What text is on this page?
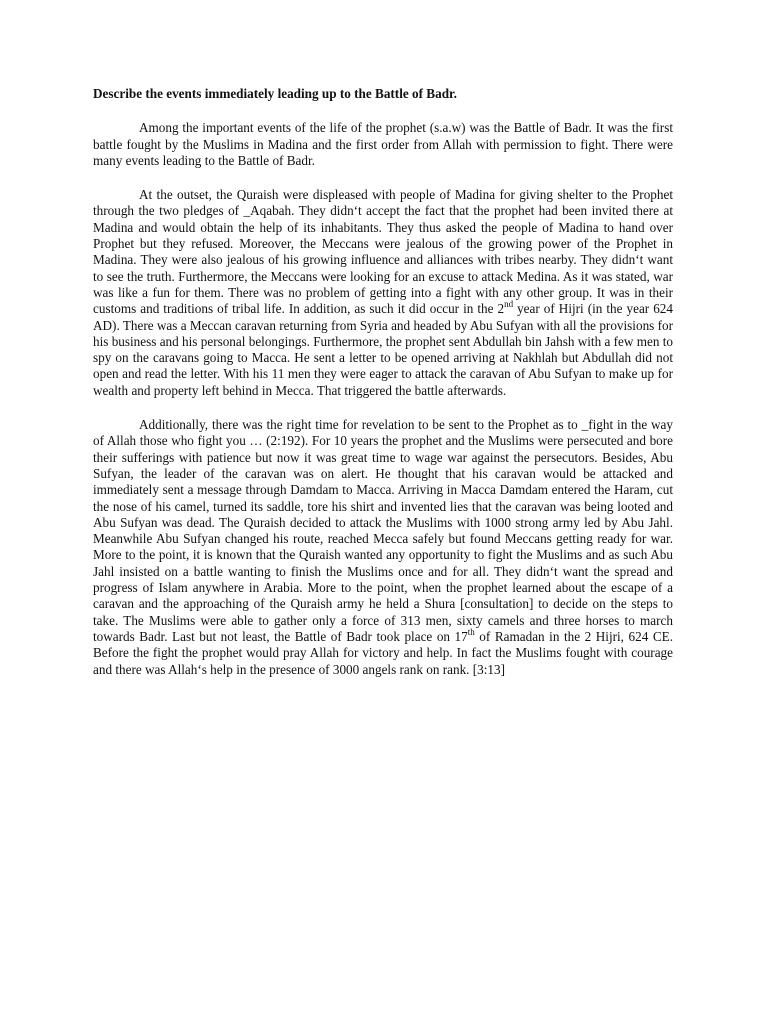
Describe the events immediately leading up to the Battle of Badr.

Among the important events of the life of the prophet (s.a.w) was the Battle of Badr. It was the first battle fought by the Muslims in Madina and the first order from Allah with permission to fight. There were many events leading to the Battle of Badr.

At the outset, the Quraish were displeased with people of Madina for giving shelter to the Prophet through the two pledges of _Aqabah. They didn‘t accept the fact that the prophet had been invited there at Madina and would obtain the help of its inhabitants. They thus asked the people of Madina to hand over Prophet but they refused. Moreover, the Meccans were jealous of the growing power of the Prophet in Madina. They were also jealous of his growing influence and alliances with tribes nearby. They didn‘t want to see the truth. Furthermore, the Meccans were looking for an excuse to attack Medina. As it was stated, war was like a fun for them. There was no problem of getting into a fight with any other group. It was in their customs and traditions of tribal life. In addition, as such it did occur in the 2nd year of Hijri (in the year 624 AD). There was a Meccan caravan returning from Syria and headed by Abu Sufyan with all the provisions for his business and his personal belongings. Furthermore, the prophet sent Abdullah bin Jahsh with a few men to spy on the caravans going to Macca. He sent a letter to be opened arriving at Nakhlah but Abdullah did not open and read the letter. With his 11 men they were eager to attack the caravan of Abu Sufyan to make up for wealth and property left behind in Mecca. That triggered the battle afterwards.

Additionally, there was the right time for revelation to be sent to the Prophet as to _fight in the way of Allah those who fight you … (2:192). For 10 years the prophet and the Muslims were persecuted and bore their sufferings with patience but now it was great time to wage war against the persecutors. Besides, Abu Sufyan, the leader of the caravan was on alert. He thought that his caravan would be attacked and immediately sent a message through Damdam to Macca. Arriving in Macca Damdam entered the Haram, cut the nose of his camel, turned its saddle, tore his shirt and invented lies that the caravan was being looted and Abu Sufyan was dead. The Quraish decided to attack the Muslims with 1000 strong army led by Abu Jahl. Meanwhile Abu Sufyan changed his route, reached Mecca safely but found Meccans getting ready for war. More to the point, it is known that the Quraish wanted any opportunity to fight the Muslims and as such Abu Jahl insisted on a battle wanting to finish the Muslims once and for all. They didn‘t want the spread and progress of Islam anywhere in Arabia. More to the point, when the prophet learned about the escape of a caravan and the approaching of the Quraish army he held a Shura [consultation] to decide on the steps to take. The Muslims were able to gather only a force of 313 men, sixty camels and three horses to march towards Badr. Last but not least, the Battle of Badr took place on 17th of Ramadan in the 2 Hijri, 624 CE. Before the fight the prophet would pray Allah for victory and help. In fact the Muslims fought with courage and there was Allah‘s help in the presence of 3000 angels rank on rank. [3:13]
